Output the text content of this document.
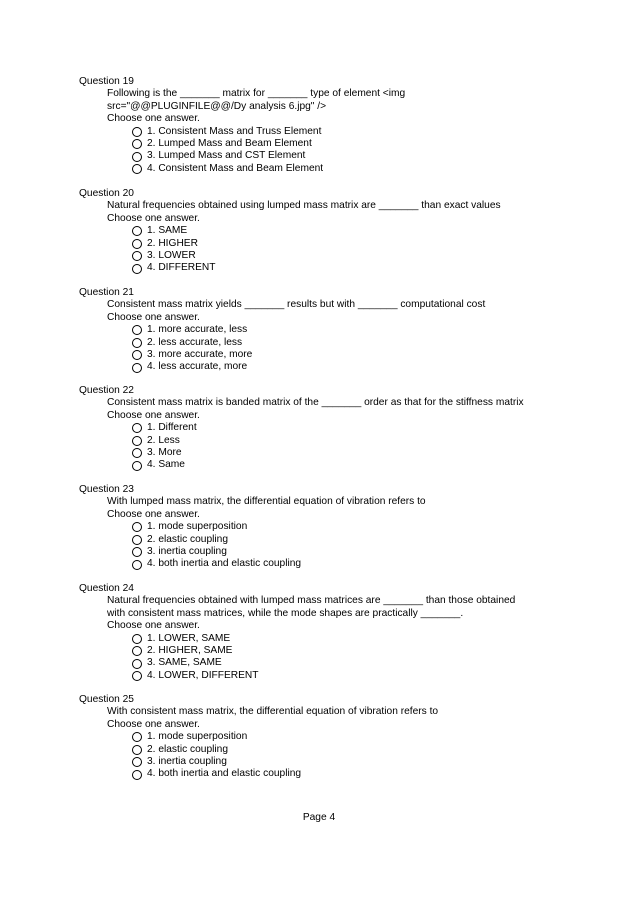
Question 19
Following is the _______ matrix for _______ type of element <img
src="@@PLUGINFILE@@/Dy analysis 6.jpg" />
Choose one answer.
1. Consistent Mass and Truss Element
2. Lumped Mass and Beam Element
3. Lumped Mass and CST Element
4. Consistent Mass and Beam Element
Question 20
Natural frequencies obtained using lumped mass matrix are _______ than exact values
Choose one answer.
1. SAME
2. HIGHER
3. LOWER
4. DIFFERENT
Question 21
Consistent mass matrix yields _______ results but with _______ computational cost
Choose one answer.
1. more accurate, less
2. less accurate, less
3. more accurate, more
4. less accurate, more
Question 22
Consistent mass matrix is banded matrix of the _______ order as that for the stiffness matrix
Choose one answer.
1. Different
2. Less
3. More
4. Same
Question 23
With lumped mass matrix, the differential equation of vibration refers to
Choose one answer.
1. mode superposition
2. elastic coupling
3. inertia coupling
4. both inertia and elastic coupling
Question 24
Natural frequencies obtained with lumped mass matrices are _______ than those obtained
with consistent mass matrices, while the mode shapes are practically _______.
Choose one answer.
1. LOWER, SAME
2. HIGHER, SAME
3. SAME, SAME
4. LOWER, DIFFERENT
Question 25
With consistent mass matrix, the differential equation of vibration refers to
Choose one answer.
1. mode superposition
2. elastic coupling
3. inertia coupling
4. both inertia and elastic coupling
Page 4
